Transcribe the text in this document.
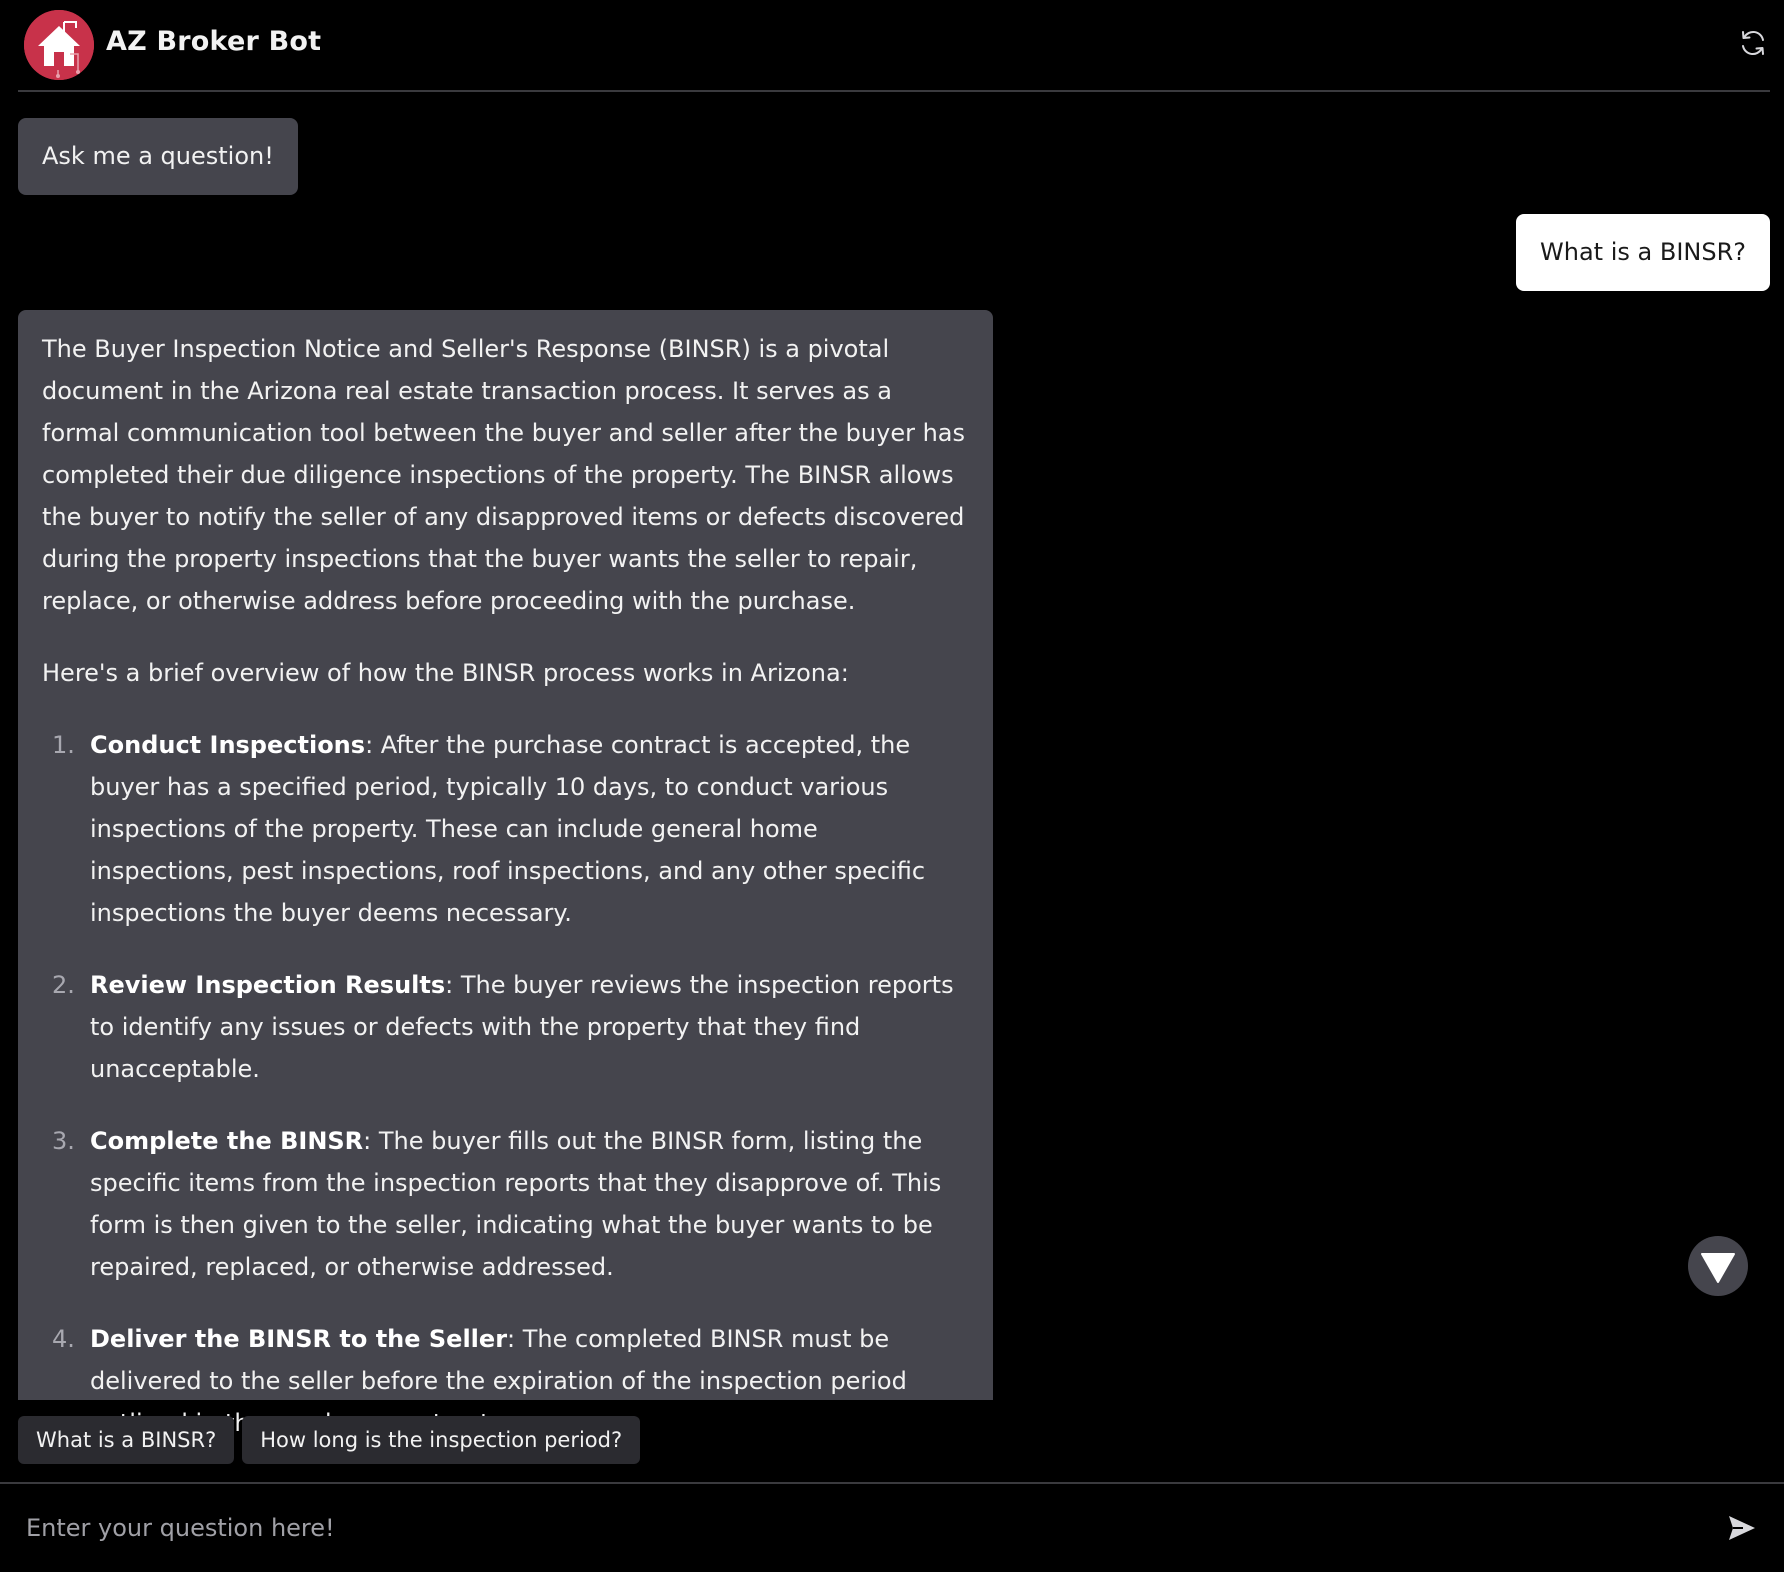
AZ Broker Bot
Ask me a question!
What is a BINSR?

The Buyer Inspection Notice and Seller's Response (BINSR) is a pivotal document in the Arizona real estate transaction process. It serves as a formal communication tool between the buyer and seller after the buyer has completed their due diligence inspections of the property. The BINSR allows the buyer to notify the seller of any disapproved items or defects discovered during the property inspections that the buyer wants the seller to repair, replace, or otherwise address before proceeding with the purchase.

Here's a brief overview of how the BINSR process works in Arizona:

1. Conduct Inspections: After the purchase contract is accepted, the buyer has a specified period, typically 10 days, to conduct various inspections of the property. These can include general home inspections, pest inspections, roof inspections, and any other specific inspections the buyer deems necessary.
2. Review Inspection Results: The buyer reviews the inspection reports to identify any issues or defects with the property that they find unacceptable.
3. Complete the BINSR: The buyer fills out the BINSR form, listing the specific items from the inspection reports that they disapprove of. This form is then given to the seller, indicating what the buyer wants to be repaired, replaced, or otherwise addressed.
4. Deliver the BINSR to the Seller: The completed BINSR must be delivered to the seller before the expiration of the inspection period
What is a BINSR? How long is the inspection period?
Enter your question here!
